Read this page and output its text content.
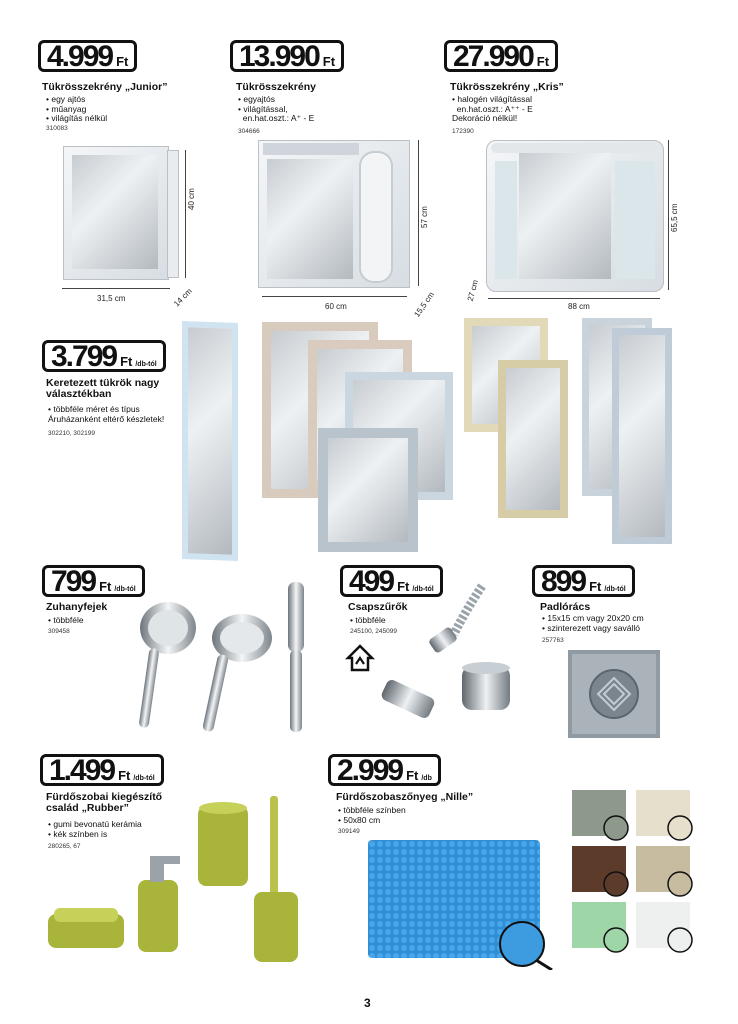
4.999 Ft
Tükrösszekrény „Junior”
• egy ajtós
• műanyag
• világítás nélkül
310083
40 cm
31,5 cm	14 cm
13.990 Ft
Tükrösszekrény
• egyajtós
• világítással,
en.hat.oszt.: A⁺ - E
304666
57 cm
60 cm	15,5 cm
27.990 Ft
Tükrösszekrény „Kris”
• halogén világítással
en.hat.oszt.: A⁺⁺ - E
Dekoráció nélkül!
172390
65,5 cm
88 cm
27 cm
3.799 Ft /db-tól
Keretezett tükrök nagy választékban
• többféle méret és típus
Áruházanként eltérő készletek!
302210, 302199
799 Ft /db-tól
Zuhanyfejek
• többféle
309458
499 Ft /db-tól
Csapszűrők
• többféle
245100, 245099
899 Ft /db-tól
Padlórács
• 15x15 cm vagy 20x20 cm
• szinterezett vagy saválló
257763
1.499 Ft /db-tól
Fürdőszobai kiegészítő család „Rubber”
• gumi bevonatú kerámia
• kék színben is
280265, 67
2.999 Ft /db
Fürdőszobaszőnyeg „Nille”
• többféle színben
• 50x80 cm
309149
3
